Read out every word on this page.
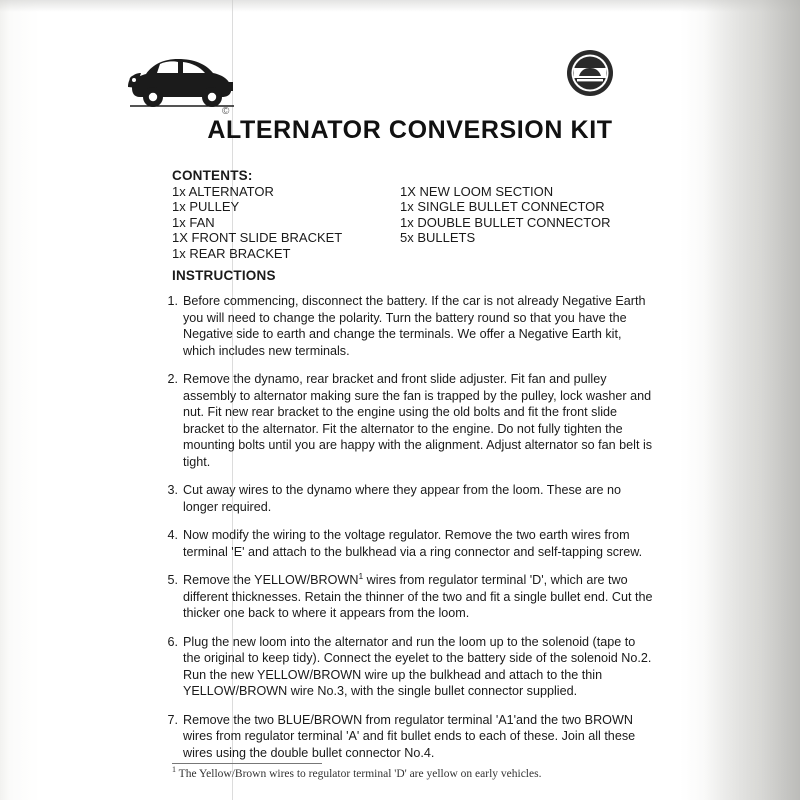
©
ALTERNATOR CONVERSION KIT
CONTENTS:
1x ALTERNATOR
1x PULLEY
1x FAN
1X FRONT SLIDE BRACKET
1x REAR BRACKET
1X NEW LOOM SECTION
1x SINGLE BULLET CONNECTOR
1x DOUBLE BULLET CONNECTOR
5x BULLETS
INSTRUCTIONS
1. Before commencing, disconnect the battery. If the car is not already Negative Earth you will need to change the polarity. Turn the battery round so that you have the Negative side to earth and change the terminals. We offer a Negative Earth kit, which includes new terminals.
2. Remove the dynamo, rear bracket and front slide adjuster. Fit fan and pulley assembly to alternator making sure the fan is trapped by the pulley, lock washer and nut. Fit new rear bracket to the engine using the old bolts and fit the front slide bracket to the alternator. Fit the alternator to the engine. Do not fully tighten the mounting bolts until you are happy with the alignment. Adjust alternator so fan belt is tight.
3. Cut away wires to the dynamo where they appear from the loom. These are no longer required.
4. Now modify the wiring to the voltage regulator. Remove the two earth wires from terminal 'E' and attach to the bulkhead via a ring connector and self-tapping screw.
5. Remove the YELLOW/BROWN$^1$ wires from regulator terminal 'D', which are two different thicknesses. Retain the thinner of the two and fit a single bullet end. Cut the thicker one back to where it appears from the loom.
6. Plug the new loom into the alternator and run the loom up to the solenoid (tape to the original to keep tidy). Connect the eyelet to the battery side of the solenoid No.2. Run the new YELLOW/BROWN wire up the bulkhead and attach to the thin YELLOW/BROWN wire No.3, with the single bullet connector supplied.
7. Remove the two BLUE/BROWN from regulator terminal 'A1'and the two BROWN wires from regulator terminal 'A' and fit bullet ends to each of these. Join all these wires using the double bullet connector No.4.
$^1$ The Yellow/Brown wires to regulator terminal 'D' are yellow on early vehicles.
